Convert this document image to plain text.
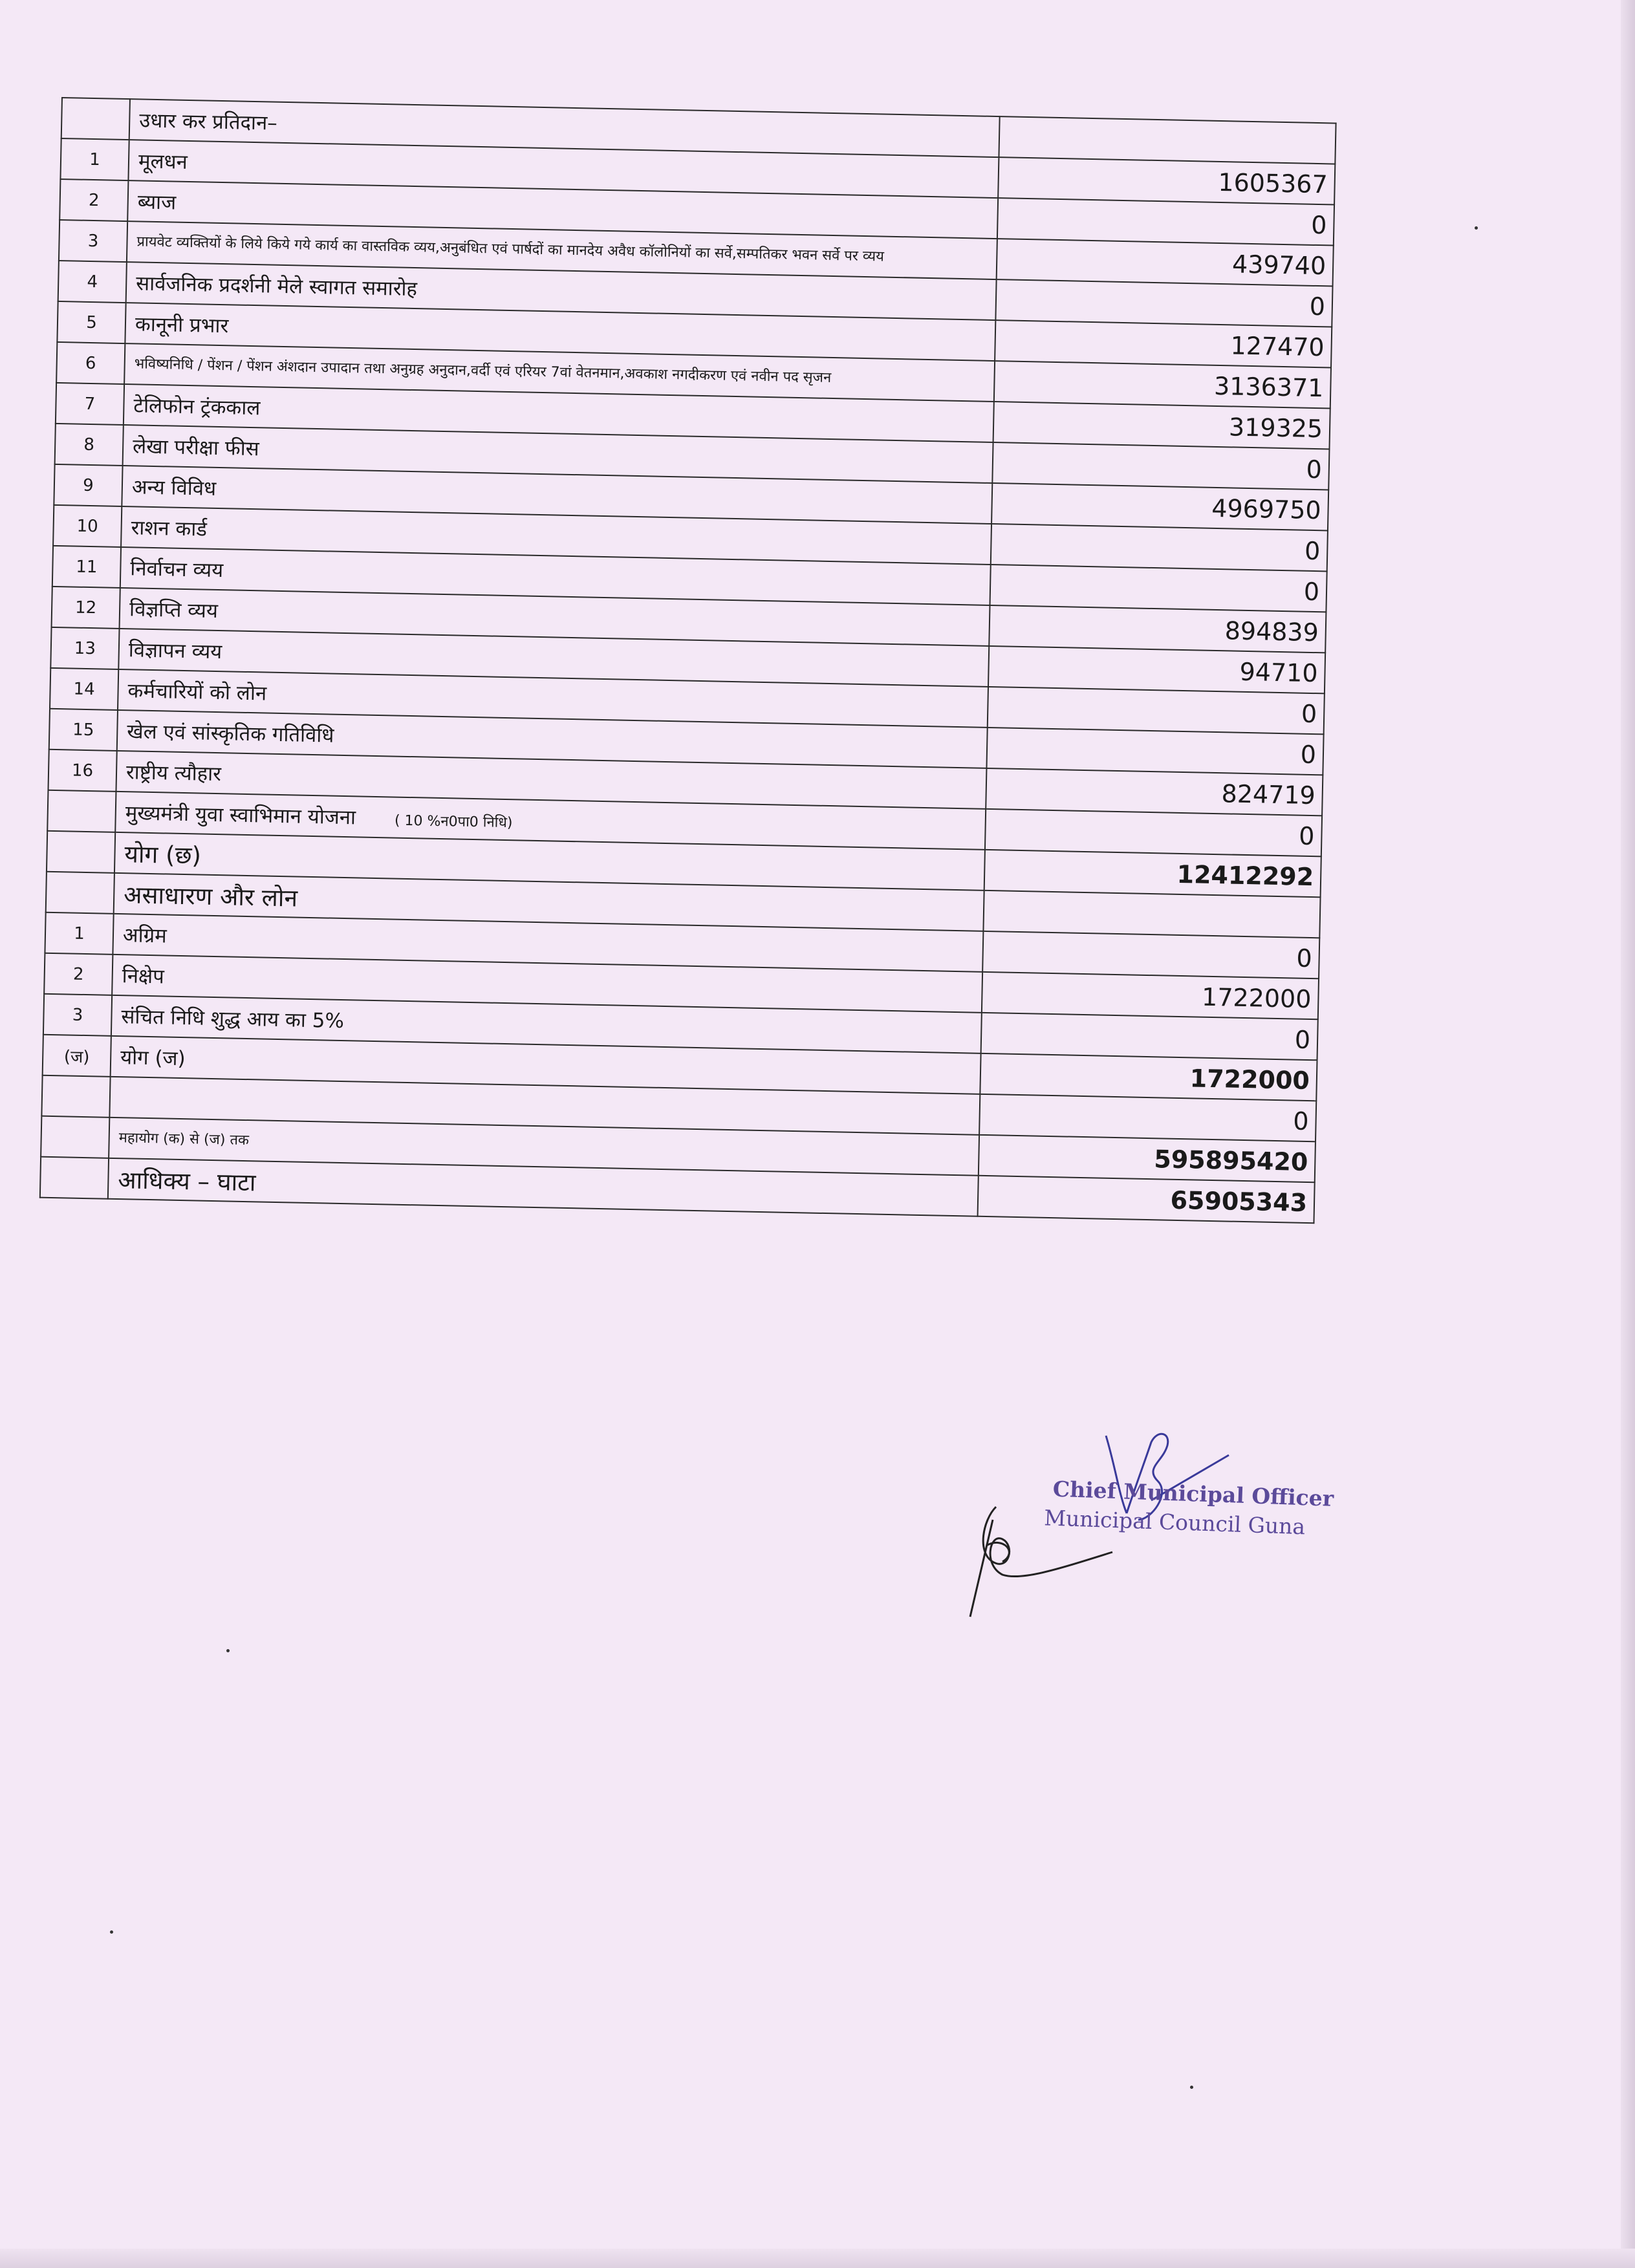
	उधार कर प्रतिदान–	
1	मूलधन	1605367
2	ब्याज	0
3	प्रायवेट व्यक्तियों के लिये किये गये कार्य का वास्तविक व्यय,अनुबंधित एवं पार्षदों का मानदेय अवैध कॉलोनियों का सर्वे,सम्पतिकर भवन सर्वे पर व्यय	439740
4	सार्वजनिक प्रदर्शनी मेले स्वागत समारोह	0
5	कानूनी प्रभार	127470
6	भविष्यनिधि / पेंशन / पेंशन अंशदान उपादान तथा अनुग्रह अनुदान,वर्दी एवं एरियर 7वां वेतनमान,अवकाश नगदीकरण एवं नवीन पद सृजन	3136371
7	टेलिफोन ट्रंककाल	319325
8	लेखा परीक्षा फीस	0
9	अन्य विविध	4969750
10	राशन कार्ड	0
11	निर्वाचन व्यय	0
12	विज्ञप्ति व्यय	894839
13	विज्ञापन व्यय	94710
14	कर्मचारियों को लोन	0
15	खेल एवं सांस्कृतिक गतिविधि	0
16	राष्ट्रीय त्यौहार	824719
	मुख्यमंत्री युवा स्वाभिमान योजना ( 10 %न0पा0 निधि)	0
	योग (छ)	12412292
	असाधारण और लोन	
1	अग्रिम	0
2	निक्षेप	1722000
3	संचित निधि शुद्ध आय का 5%	0
(ज)	योग (ज)	1722000
		0
	महायोग (क) से (ज) तक	595895420
	आधिक्य – घाटा	65905343
Chief Municipal Officer
Municipal Council Guna
